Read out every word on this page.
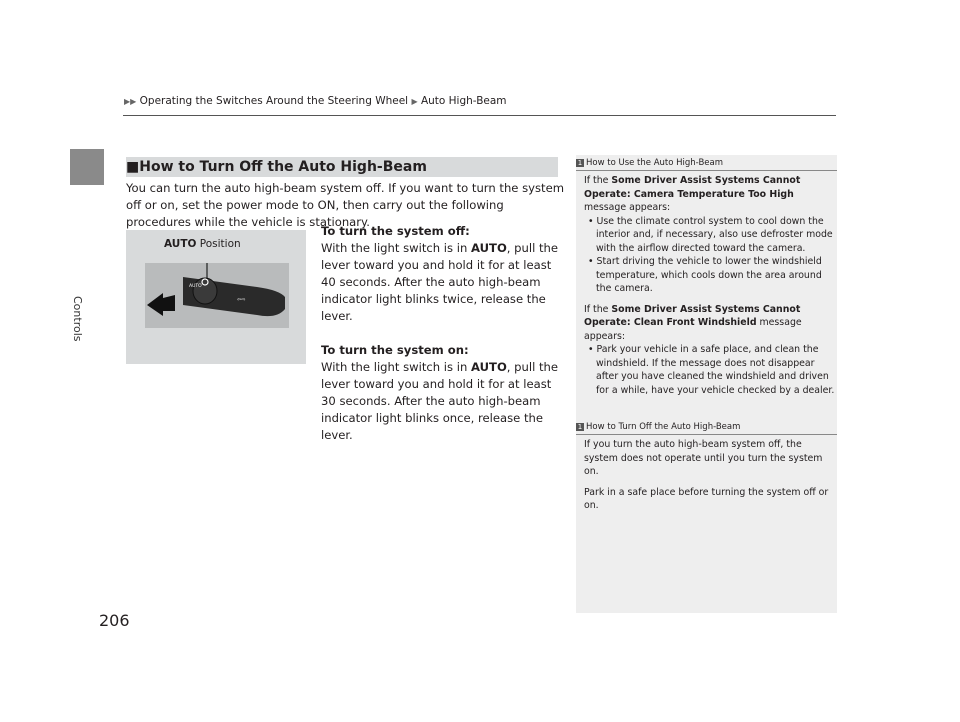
Controls
206
▶▶ Operating the Switches Around the Steering Wheel ▶ Auto High-Beam
■How to Turn Off the Auto High-Beam
You can turn the auto high-beam system off. If you want to turn the system off or on, set the power mode to ON, then carry out the following procedures while the vehicle is stationary.
AUTO Position
AUTO
⇦⇨

To turn the system off:

With the light switch is in AUTO, pull the lever toward you and hold it for at least 40 seconds. After the auto high-beam indicator light blinks twice, release the lever.

To turn the system on:

With the light switch is in AUTO, pull the lever toward you and hold it for at least 30 seconds. After the auto high-beam indicator light blinks once, release the lever.

1 How to Use the Auto High-Beam

If the Some Driver Assist Systems Cannot Operate: Camera Temperature Too High message appears:

• Use the climate control system to cool down the interior and, if necessary, also use defroster mode with the airflow directed toward the camera.

• Start driving the vehicle to lower the windshield temperature, which cools down the area around the camera.

If the Some Driver Assist Systems Cannot Operate: Clean Front Windshield message appears:

• Park your vehicle in a safe place, and clean the windshield. If the message does not disappear after you have cleaned the windshield and driven for a while, have your vehicle checked by a dealer.

1 How to Turn Off the Auto High-Beam

If you turn the auto high-beam system off, the system does not operate until you turn the system on.

Park in a safe place before turning the system off or on.
